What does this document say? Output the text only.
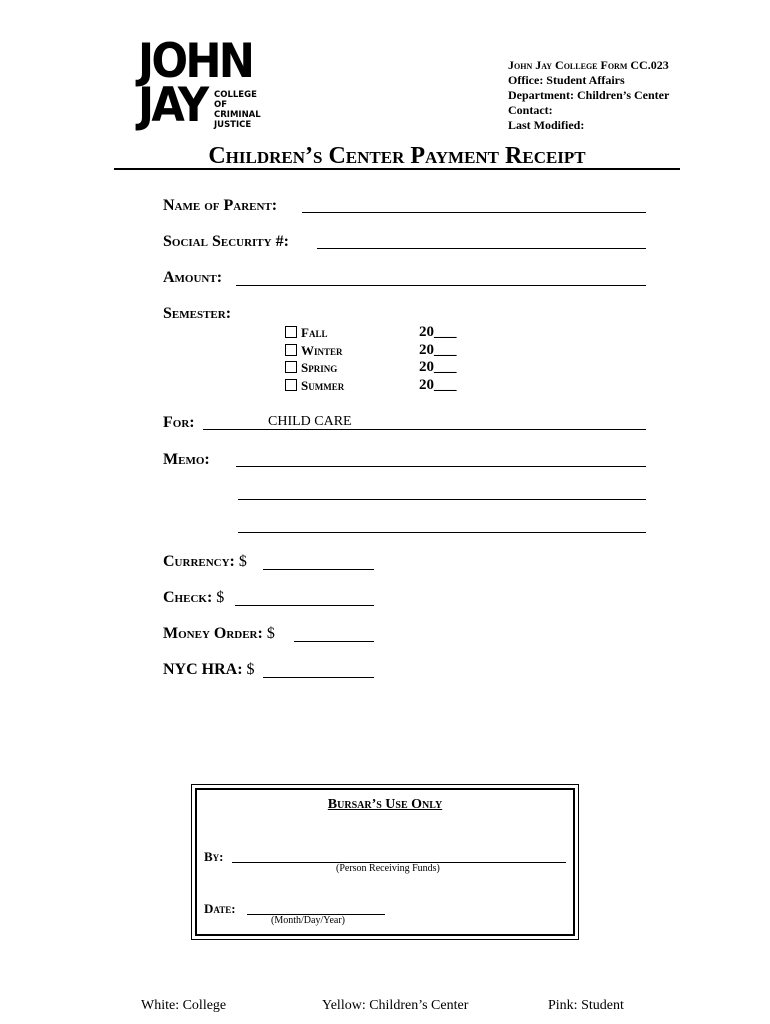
JOHN
JAY COLLEGE
OF
CRIMINAL
JUSTICE
John Jay College Form CC.023
Office: Student Affairs
Department: Children’s Center
Contact:
Last Modified:
Children’s Center Payment Receipt
Name of Parent:
Social Security #:
Amount:
Semester:
Fall	20___
Winter	20___
Spring	20___
Summer	20___
For:	CHILD CARE
Memo:
Currency: $
Check: $
Money Order: $
NYC HRA: $
Bursar’s Use Only
By:
(Person Receiving Funds)
Date:
(Month/Day/Year)
White: College	Yellow: Children’s Center	Pink: Student
